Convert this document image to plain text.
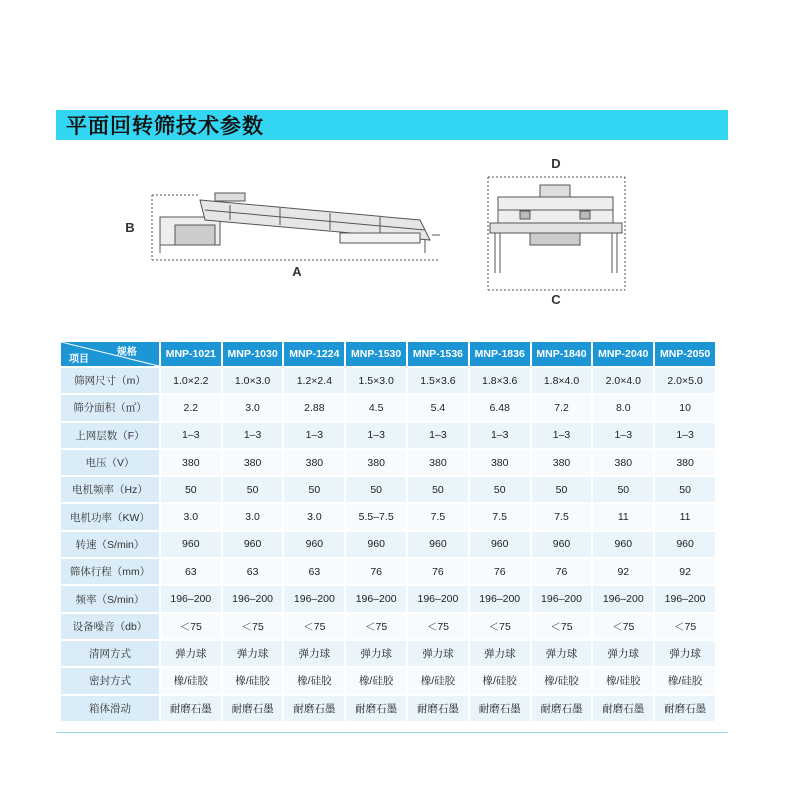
平面回转筛技术参数
A
B
D
C
规格
项目	MNP-1021	MNP-1030	MNP-1224	MNP-1530	MNP-1536	MNP-1836	MNP-1840	MNP-2040	MNP-2050
筛网尺寸（m）	1.0×2.2	1.0×3.0	1.2×2.4	1.5×3.0	1.5×3.6	1.8×3.6	1.8×4.0	2.0×4.0	2.0×5.0
筛分面积（㎡）	2.2	3.0	2.88	4.5	5.4	6.48	7.2	8.0	10
上网层数（F）	1–3	1–3	1–3	1–3	1–3	1–3	1–3	1–3	1–3
电压（V）	380	380	380	380	380	380	380	380	380
电机频率（Hz）	50	50	50	50	50	50	50	50	50
电机功率（KW）	3.0	3.0	3.0	5.5–7.5	7.5	7.5	7.5	11	11
转速（S/min）	960	960	960	960	960	960	960	960	960
筛体行程（mm）	63	63	63	76	76	76	76	92	92
频率（S/min）	196–200	196–200	196–200	196–200	196–200	196–200	196–200	196–200	196–200
设备噪音（db）	＜75	＜75	＜75	＜75	＜75	＜75	＜75	＜75	＜75
清网方式	弹力球	弹力球	弹力球	弹力球	弹力球	弹力球	弹力球	弹力球	弹力球
密封方式	橡/硅胶	橡/硅胶	橡/硅胶	橡/硅胶	橡/硅胶	橡/硅胶	橡/硅胶	橡/硅胶	橡/硅胶
箱体滑动	耐磨石墨	耐磨石墨	耐磨石墨	耐磨石墨	耐磨石墨	耐磨石墨	耐磨石墨	耐磨石墨	耐磨石墨
